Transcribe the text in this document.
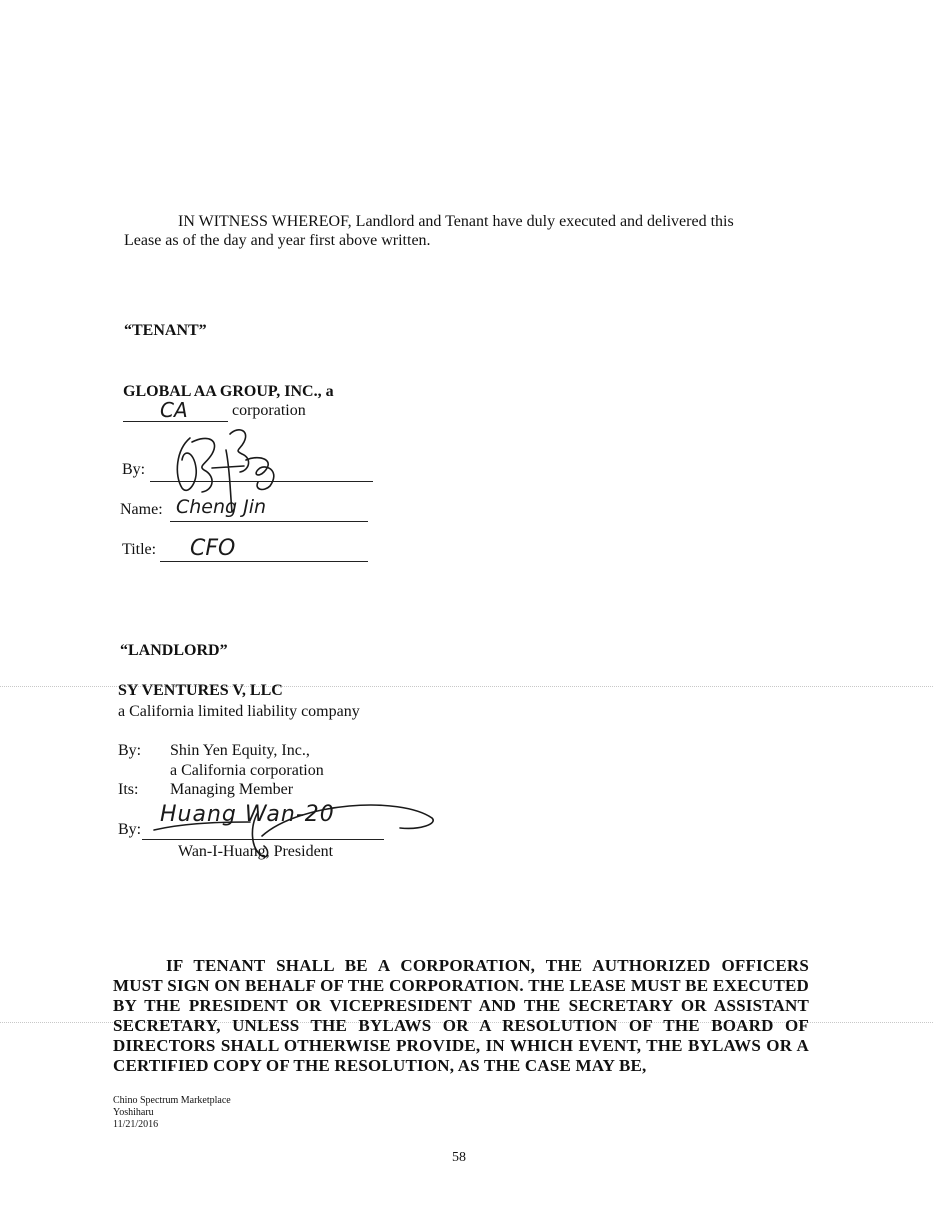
IN WITNESS WHEREOF, Landlord and Tenant have duly executed and delivered this
Lease as of the day and year first above written.
“TENANT”
GLOBAL AA GROUP, INC., a
CA	corporation
By:
Name: Cheng Jin
Title: CFO
“LANDLORD”
SY VENTURES V, LLC
a California limited liability company
By: Shin Yen Equity, Inc.,
a California corporation
Its: Managing Member
By:
Huang Wan-20
Wan-I-Huang, President
IF TENANT SHALL BE A CORPORATION, THE AUTHORIZED OFFICERS MUST SIGN ON BEHALF OF THE CORPORATION. THE LEASE MUST BE EXECUTED BY THE PRESIDENT OR VICEPRESIDENT AND THE SECRETARY OR ASSISTANT SECRETARY, UNLESS THE BYLAWS OR A RESOLUTION OF THE BOARD OF DIRECTORS SHALL OTHERWISE PROVIDE, IN WHICH EVENT, THE BYLAWS OR A CERTIFIED COPY OF THE RESOLUTION, AS THE CASE MAY BE,
Chino Spectrum Marketplace
Yoshiharu
11/21/2016
58
